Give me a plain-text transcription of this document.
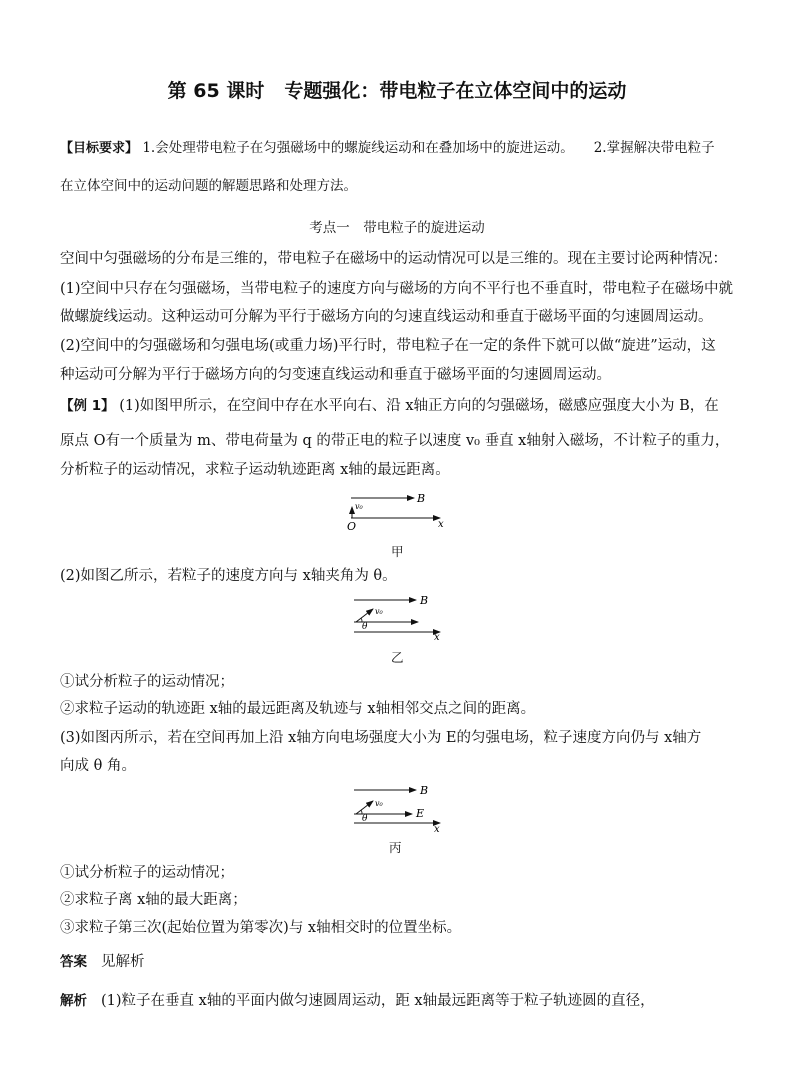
第 65 课时 专题强化：带电粒子在立体空间中的运动
【目标要求】 1.会处理带电粒子在匀强磁场中的螺旋线运动和在叠加场中的旋进运动。 2.掌握解决带电粒子
在立体空间中的运动问题的解题思路和处理方法。
考点一　带电粒子的旋进运动
空间中匀强磁场的分布是三维的，带电粒子在磁场中的运动情况可以是三维的。现在主要讨论两种情况：
(1)空间中只存在匀强磁场，当带电粒子的速度方向与磁场的方向不平行也不垂直时，带电粒子在磁场中就
做螺旋线运动。这种运动可分解为平行于磁场方向的匀速直线运动和垂直于磁场平面的匀速圆周运动。
(2)空间中的匀强磁场和匀强电场(或重力场)平行时，带电粒子在一定的条件下就可以做“旋进”运动，这
种运动可分解为平行于磁场方向的匀变速直线运动和垂直于磁场平面的匀速圆周运动。
【例 1】 (1)如图甲所示，在空间中存在水平向右、沿 x轴正方向的匀强磁场，磁感应强度大小为 B，在
原点 O有一个质量为 m、带电荷量为 q 的带正电的粒子以速度 v₀ 垂直 x轴射入磁场，不计粒子的重力，
分析粒子的运动情况，求粒子运动轨迹距离 x轴的最远距离。
B
v₀
O	x
甲
(2)如图乙所示，若粒子的速度方向与 x轴夹角为 θ。
B
v₀
θ
x
乙
①试分析粒子的运动情况；
②求粒子运动的轨迹距 x轴的最远距离及轨迹与 x轴相邻交点之间的距离。
(3)如图丙所示，若在空间再加上沿 x轴方向电场强度大小为 E的匀强电场，粒子速度方向仍与 x轴方
向成 θ 角。
B
v₀
θ	E
x
丙
①试分析粒子的运动情况；
②求粒子离 x轴的最大距离；
③求粒子第三次(起始位置为第零次)与 x轴相交时的位置坐标。
答案 见解析
解析 (1)粒子在垂直 x轴的平面内做匀速圆周运动，距 x轴最远距离等于粒子轨迹圆的直径，
